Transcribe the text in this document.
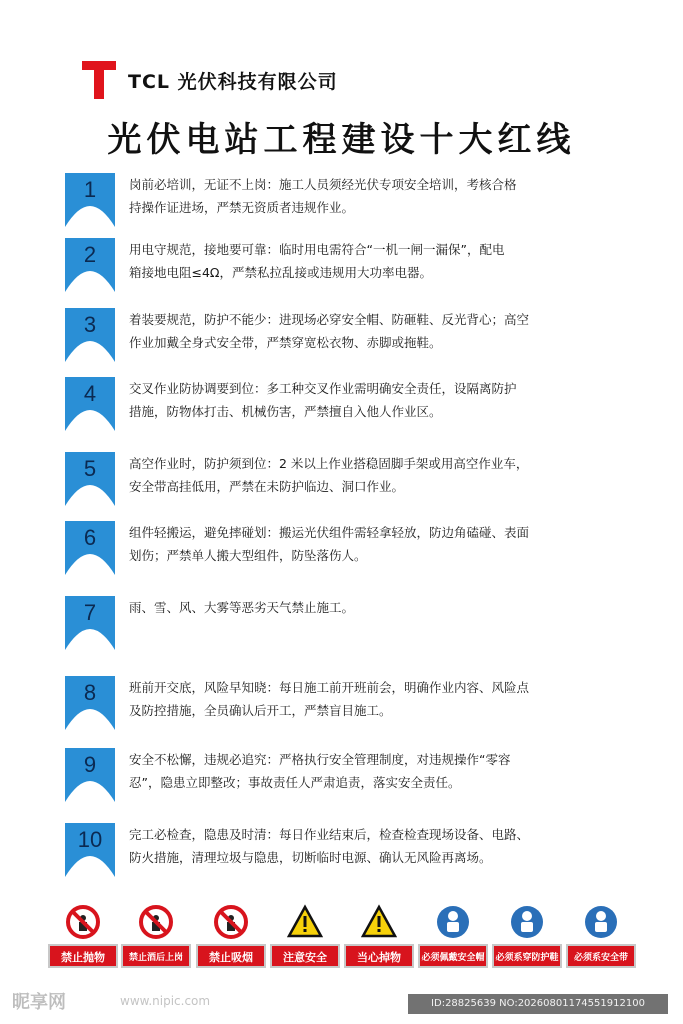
TCL 光伏科技有限公司
光伏电站工程建设十大红线
1	岗前必培训，无证不上岗：施工人员须经光伏专项安全培训，考核合格
持操作证进场，严禁无资质者违规作业。
2	用电守规范，接地要可靠：临时用电需符合“一机一闸一漏保”，配电
箱接地电阻≤4Ω，严禁私拉乱接或违规用大功率电器。
3	着装要规范，防护不能少：进现场必穿安全帽、防砸鞋、反光背心；高空
作业加戴全身式安全带，严禁穿宽松衣物、赤脚或拖鞋。
4	交叉作业防协调要到位：多工种交叉作业需明确安全责任，设隔离防护
措施，防物体打击、机械伤害，严禁擅自入他人作业区。
5	高空作业时，防护须到位：2 米以上作业搭稳固脚手架或用高空作业车，
安全带高挂低用，严禁在未防护临边、洞口作业。
6	组件轻搬运，避免摔碰划：搬运光伏组件需轻拿轻放，防边角磕碰、表面
划伤；严禁单人搬大型组件，防坠落伤人。
7	雨、雪、风、大雾等恶劣天气禁止施工。
8	班前开交底，风险早知晓：每日施工前开班前会，明确作业内容、风险点
及防控措施，全员确认后开工，严禁盲目施工。
9	安全不松懈，违规必追究：严格执行安全管理制度，对违规操作“零容
忍”，隐患立即整改；事故责任人严肃追责，落实安全责任。
10	完工必检查，隐患及时清：每日作业结束后，检查检查现场设备、电路、
防火措施，清理垃圾与隐患，切断临时电源、确认无风险再离场。
禁止抛物	禁止酒后上岗	禁止吸烟	注意安全	当心掉物	必须佩戴安全帽	必须系穿防护鞋	必须系安全带
昵享网	www.nipic.com	ID:28825639 NO:20260801174551912100
